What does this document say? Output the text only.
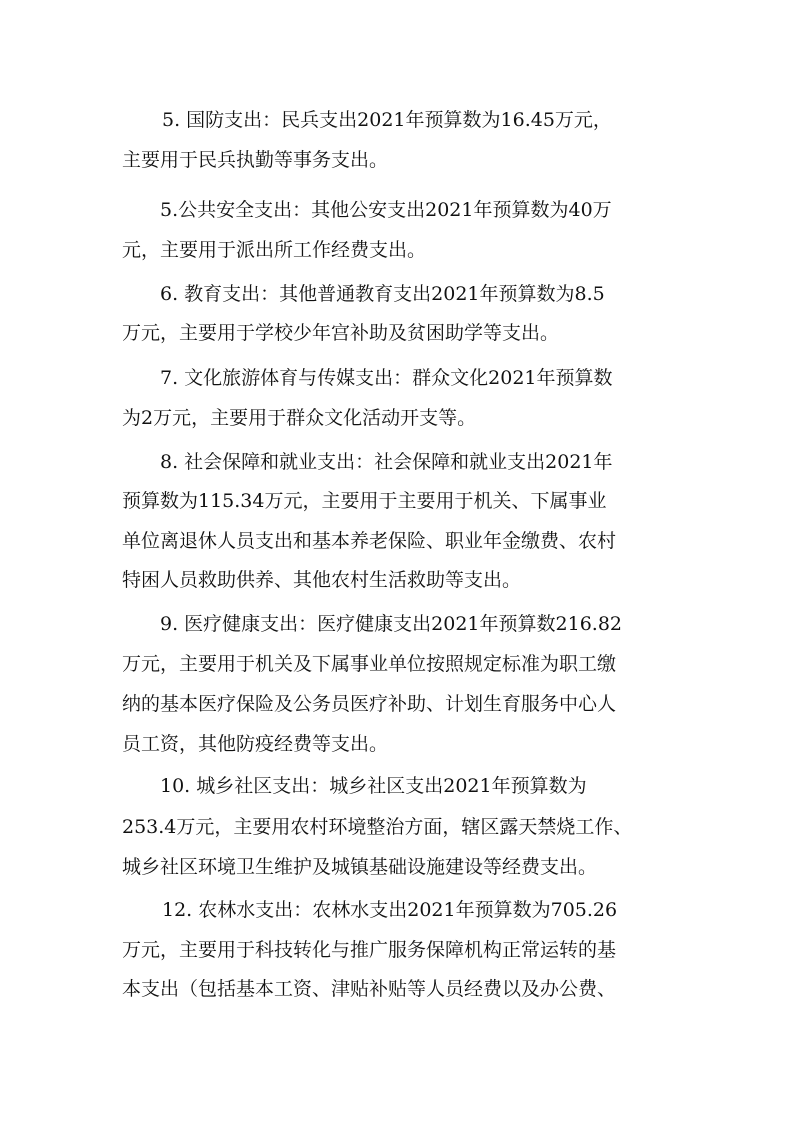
5. 国防支出：民兵支出2021年预算数为16.45万元，
主要用于民兵执勤等事务支出。
5.公共安全支出：其他公安支出2021年预算数为40万
元，主要用于派出所工作经费支出。
6. 教育支出：其他普通教育支出2021年预算数为8.5
万元，主要用于学校少年宫补助及贫困助学等支出。
7. 文化旅游体育与传媒支出：群众文化2021年预算数
为2万元，主要用于群众文化活动开支等。
8. 社会保障和就业支出：社会保障和就业支出2021年
预算数为115.34万元，主要用于主要用于机关、下属事业
单位离退休人员支出和基本养老保险、职业年金缴费、农村
特困人员救助供养、其他农村生活救助等支出。
9. 医疗健康支出：医疗健康支出2021年预算数216.82
万元，主要用于机关及下属事业单位按照规定标准为职工缴
纳的基本医疗保险及公务员医疗补助、计划生育服务中心人
员工资，其他防疫经费等支出。
10. 城乡社区支出：城乡社区支出2021年预算数为
253.4万元，主要用农村环境整治方面，辖区露天禁烧工作、
城乡社区环境卫生维护及城镇基础设施建设等经费支出。
12. 农林水支出：农林水支出2021年预算数为705.26
万元，主要用于科技转化与推广服务保障机构正常运转的基
本支出（包括基本工资、津贴补贴等人员经费以及办公费、
